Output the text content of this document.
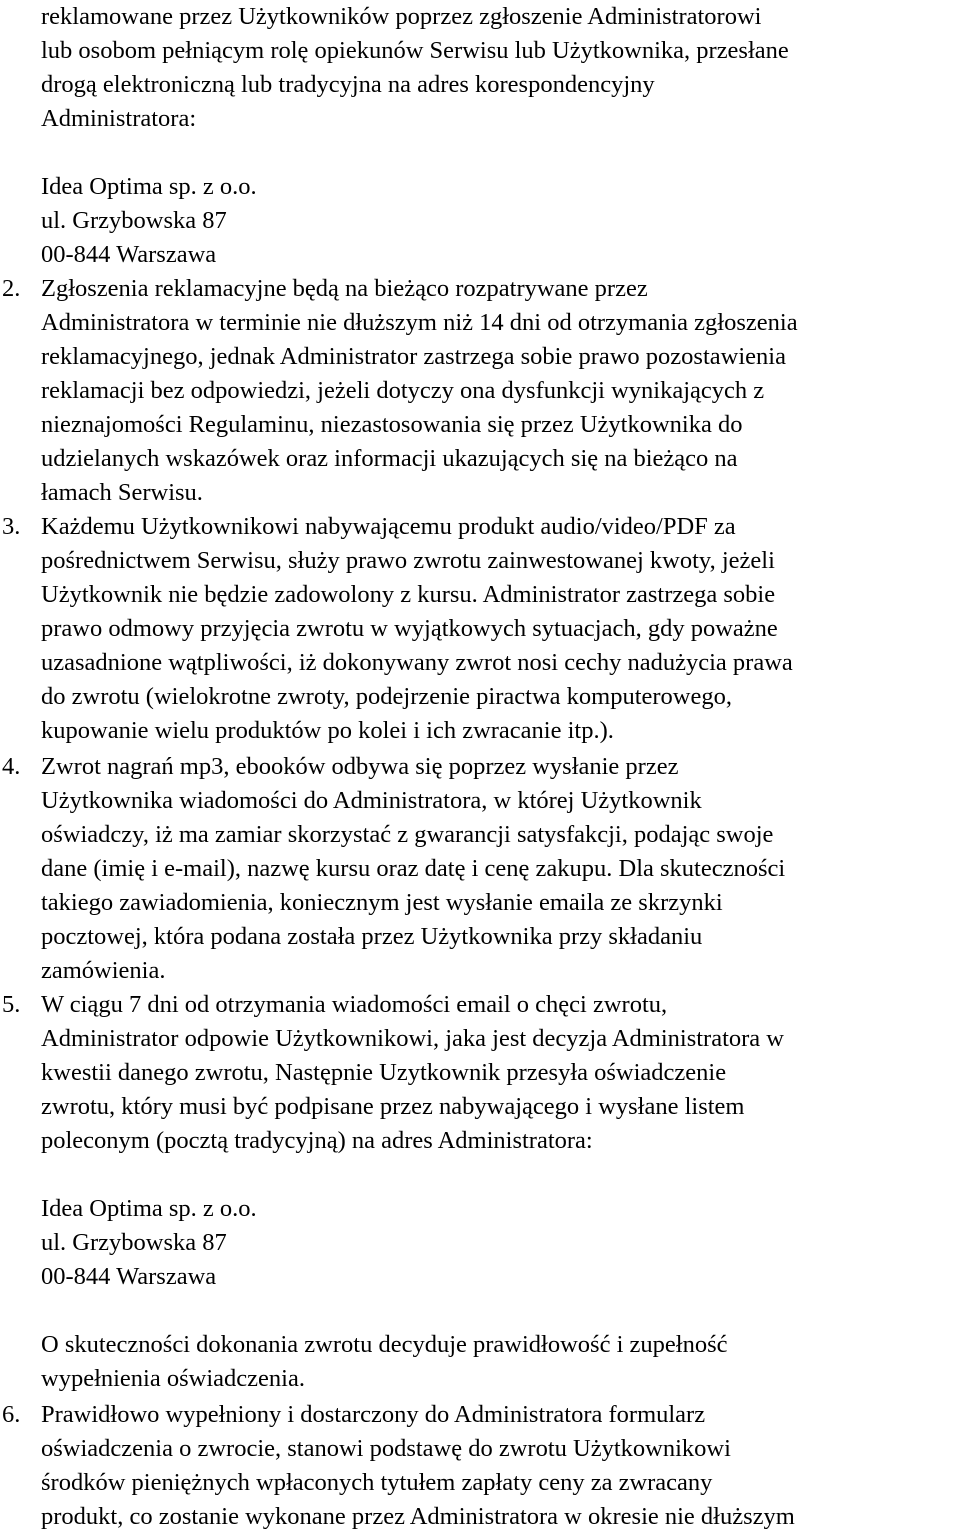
reklamowane przez Użytkowników poprzez zgłoszenie Administratorowi
lub osobom pełniącym rolę opiekunów Serwisu lub Użytkownika, przesłane
drogą elektroniczną lub tradycyjna na adres korespondencyjny
Administratora:
Idea Optima sp. z o.o.
ul. Grzybowska 87
00-844 Warszawa
2. Zgłoszenia reklamacyjne będą na bieżąco rozpatrywane przez
Administratora w terminie nie dłuższym niż 14 dni od otrzymania zgłoszenia
reklamacyjnego, jednak Administrator zastrzega sobie prawo pozostawienia
reklamacji bez odpowiedzi, jeżeli dotyczy ona dysfunkcji wynikających z
nieznajomości Regulaminu, niezastosowania się przez Użytkownika do
udzielanych wskazówek oraz informacji ukazujących się na bieżąco na
łamach Serwisu.
3. Każdemu Użytkownikowi nabywającemu produkt audio/video/PDF za
pośrednictwem Serwisu, służy prawo zwrotu zainwestowanej kwoty, jeżeli
Użytkownik nie będzie zadowolony z kursu. Administrator zastrzega sobie
prawo odmowy przyjęcia zwrotu w wyjątkowych sytuacjach, gdy poważne
uzasadnione wątpliwości, iż dokonywany zwrot nosi cechy nadużycia prawa
do zwrotu (wielokrotne zwroty, podejrzenie piractwa komputerowego,
kupowanie wielu produktów po kolei i ich zwracanie itp.).
4. Zwrot nagrań mp3, ebooków odbywa się poprzez wysłanie przez
Użytkownika wiadomości do Administratora, w której Użytkownik
oświadczy, iż ma zamiar skorzystać z gwarancji satysfakcji, podając swoje
dane (imię i e-mail), nazwę kursu oraz datę i cenę zakupu. Dla skuteczności
takiego zawiadomienia, koniecznym jest wysłanie emaila ze skrzynki
pocztowej, która podana została przez Użytkownika przy składaniu
zamówienia.
5. W ciągu 7 dni od otrzymania wiadomości email o chęci zwrotu,
Administrator odpowie Użytkownikowi, jaka jest decyzja Administratora w
kwestii danego zwrotu, Następnie Uzytkownik przesyła oświadczenie
zwrotu, który musi być podpisane przez nabywającego i wysłane listem
poleconym (pocztą tradycyjną) na adres Administratora:
Idea Optima sp. z o.o.
ul. Grzybowska 87
00-844 Warszawa
O skuteczności dokonania zwrotu decyduje prawidłowość i zupełność
wypełnienia oświadczenia.
6. Prawidłowo wypełniony i dostarczony do Administratora formularz
oświadczenia o zwrocie, stanowi podstawę do zwrotu Użytkownikowi
środków pieniężnych wpłaconych tytułem zapłaty ceny za zwracany
produkt, co zostanie wykonane przez Administratora w okresie nie dłuższym
